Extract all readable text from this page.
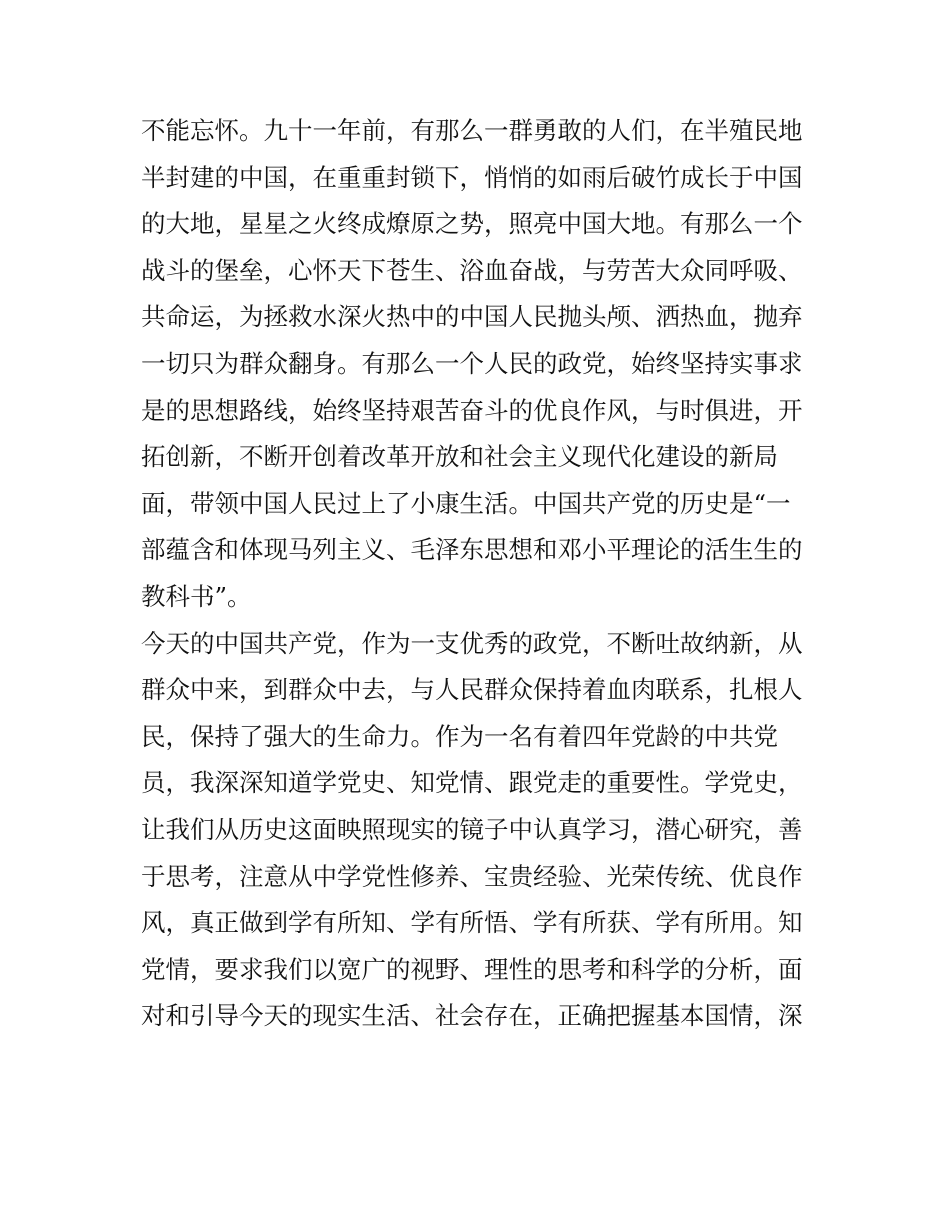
不能忘怀。九十一年前，有那么一群勇敢的人们，在半殖民地
半封建的中国，在重重封锁下，悄悄的如雨后破竹成长于中国
的大地，星星之火终成燎原之势，照亮中国大地。有那么一个
战斗的堡垒，心怀天下苍生、浴血奋战，与劳苦大众同呼吸、
共命运，为拯救水深火热中的中国人民抛头颅、洒热血，抛弃
一切只为群众翻身。有那么一个人民的政党，始终坚持实事求
是的思想路线，始终坚持艰苦奋斗的优良作风，与时俱进，开
拓创新，不断开创着改革开放和社会主义现代化建设的新局
面，带领中国人民过上了小康生活。中国共产党的历史是“一
部蕴含和体现马列主义、毛泽东思想和邓小平理论的活生生的
教科书”。
今天的中国共产党，作为一支优秀的政党，不断吐故纳新，从
群众中来，到群众中去，与人民群众保持着血肉联系，扎根人
民，保持了强大的生命力。作为一名有着四年党龄的中共党
员，我深深知道学党史、知党情、跟党走的重要性。学党史，
让我们从历史这面映照现实的镜子中认真学习，潜心研究，善
于思考，注意从中学党性修养、宝贵经验、光荣传统、优良作
风，真正做到学有所知、学有所悟、学有所获、学有所用。知
党情，要求我们以宽广的视野、理性的思考和科学的分析，面
对和引导今天的现实生活、社会存在，正确把握基本国情，深
